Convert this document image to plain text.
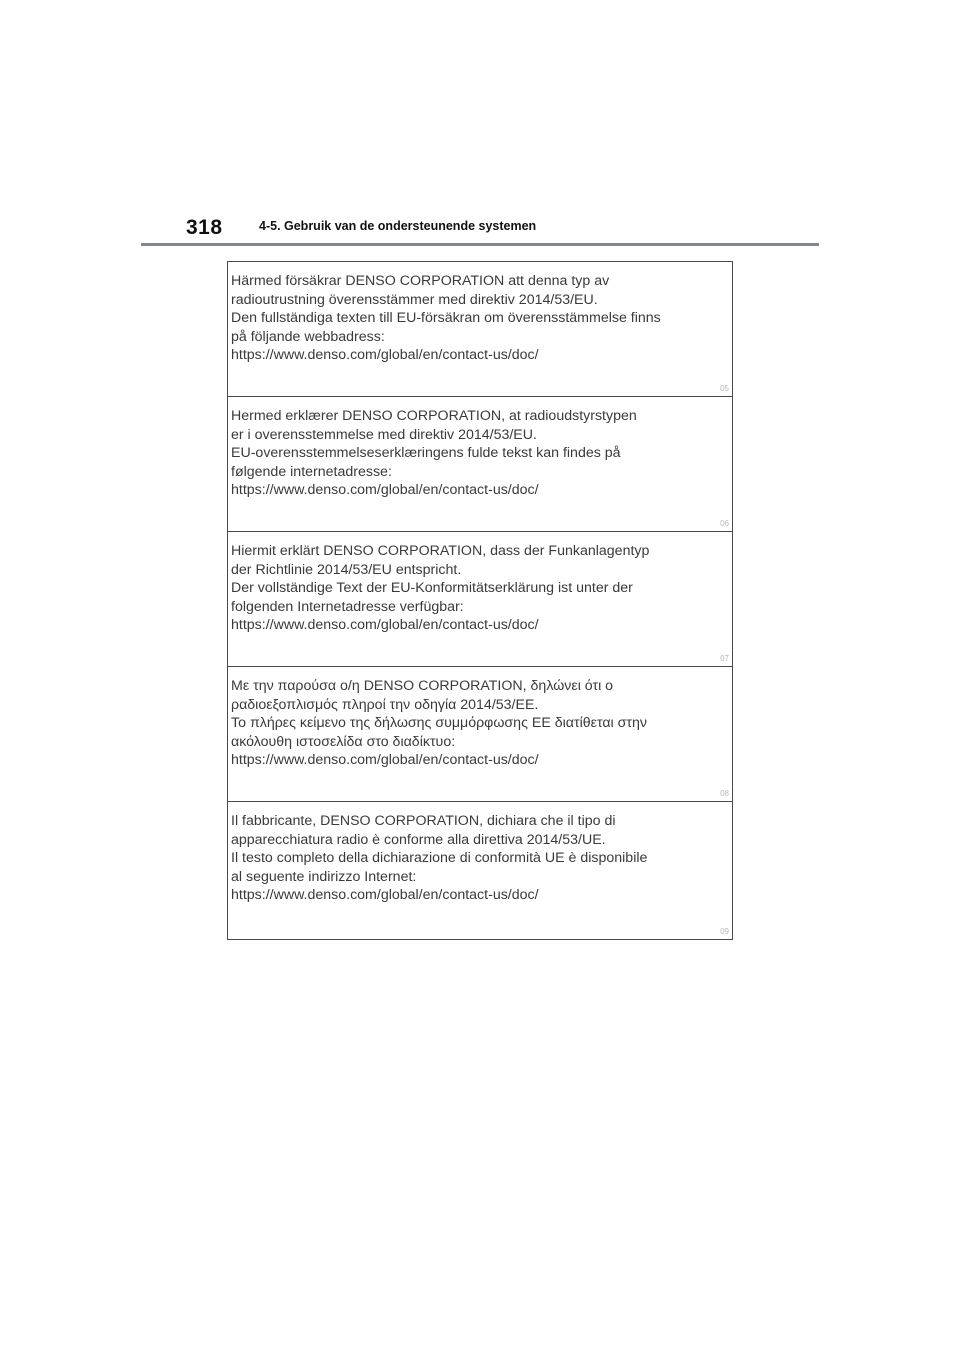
318	4-5. Gebruik van de ondersteunende systemen

Härmed försäkrar DENSO CORPORATION att denna typ av
radioutrustning överensstämmer med direktiv 2014/53/EU.
Den fullständiga texten till EU-försäkran om överensstämmelse finns
på följande webbadress:
https://www.denso.com/global/en/contact-us/doc/

05

Hermed erklærer DENSO CORPORATION, at radioudstyrstypen
er i overensstemmelse med direktiv 2014/53/EU.
EU-overensstemmelseserklæringens fulde tekst kan findes på
følgende internetadresse:
https://www.denso.com/global/en/contact-us/doc/

06

Hiermit erklärt DENSO CORPORATION, dass der Funkanlagentyp
der Richtlinie 2014/53/EU entspricht.
Der vollständige Text der EU-Konformitätserklärung ist unter der
folgenden Internetadresse verfügbar:
https://www.denso.com/global/en/contact-us/doc/

07

Με την παρούσα ο/η DENSO CORPORATION, δηλώνει ότι ο
ραδιοεξοπλισμός πληροί την οδηγία 2014/53/ΕΕ.
Το πλήρες κείμενο της δήλωσης συμμόρφωσης ΕΕ διατίθεται στην
ακόλουθη ιστοσελίδα στο διαδίκτυο:
https://www.denso.com/global/en/contact-us/doc/

08

Il fabbricante, DENSO CORPORATION, dichiara che il tipo di
apparecchiatura radio è conforme alla direttiva 2014/53/UE.
Il testo completo della dichiarazione di conformità UE è disponibile
al seguente indirizzo Internet:
https://www.denso.com/global/en/contact-us/doc/

09
